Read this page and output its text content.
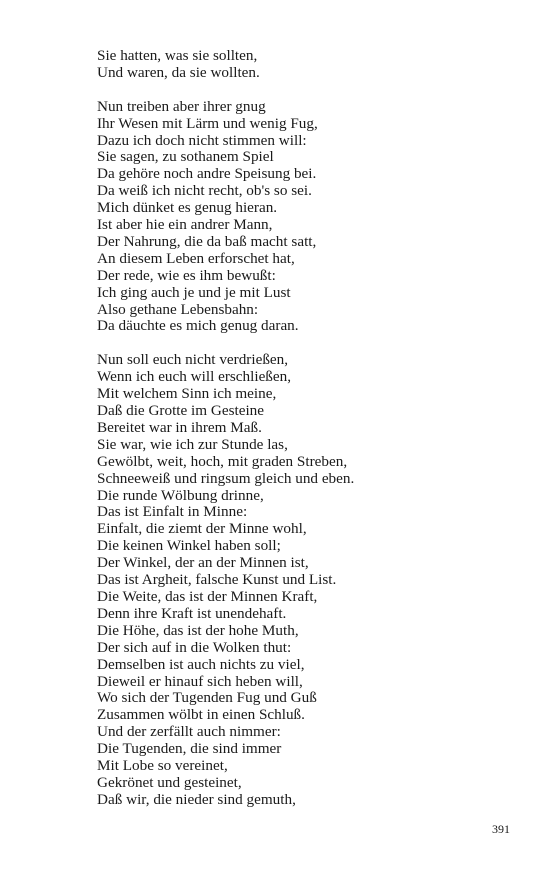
Sie hatten, was sie sollten,
Und waren, da sie wollten.

Nun treiben aber ihrer gnug
Ihr Wesen mit Lärm und wenig Fug,
Dazu ich doch nicht stimmen will:
Sie sagen, zu sothanem Spiel
Da gehöre noch andre Speisung bei.
Da weiß ich nicht recht, ob's so sei.
Mich dünket es genug hieran.
Ist aber hie ein andrer Mann,
Der Nahrung, die da baß macht satt,
An diesem Leben erforschet hat,
Der rede, wie es ihm bewußt:
Ich ging auch je und je mit Lust
Also gethane Lebensbahn:
Da däuchte es mich genug daran.

Nun soll euch nicht verdrießen,
Wenn ich euch will erschließen,
Mit welchem Sinn ich meine,
Daß die Grotte im Gesteine
Bereitet war in ihrem Maß.
Sie war, wie ich zur Stunde las,
Gewölbt, weit, hoch, mit graden Streben,
Schneeweiß und ringsum gleich und eben.
Die runde Wölbung drinne,
Das ist Einfalt in Minne:
Einfalt, die ziemt der Minne wohl,
Die keinen Winkel haben soll;
Der Winkel, der an der Minnen ist,
Das ist Argheit, falsche Kunst und List.
Die Weite, das ist der Minnen Kraft,
Denn ihre Kraft ist unendehaft.
Die Höhe, das ist der hohe Muth,
Der sich auf in die Wolken thut:
Demselben ist auch nichts zu viel,
Dieweil er hinauf sich heben will,
Wo sich der Tugenden Fug und Guß
Zusammen wölbt in einen Schluß.
Und der zerfällt auch nimmer:
Die Tugenden, die sind immer
Mit Lobe so vereinet,
Gekrönet und gesteinet,
Daß wir, die nieder sind gemuth,

391
